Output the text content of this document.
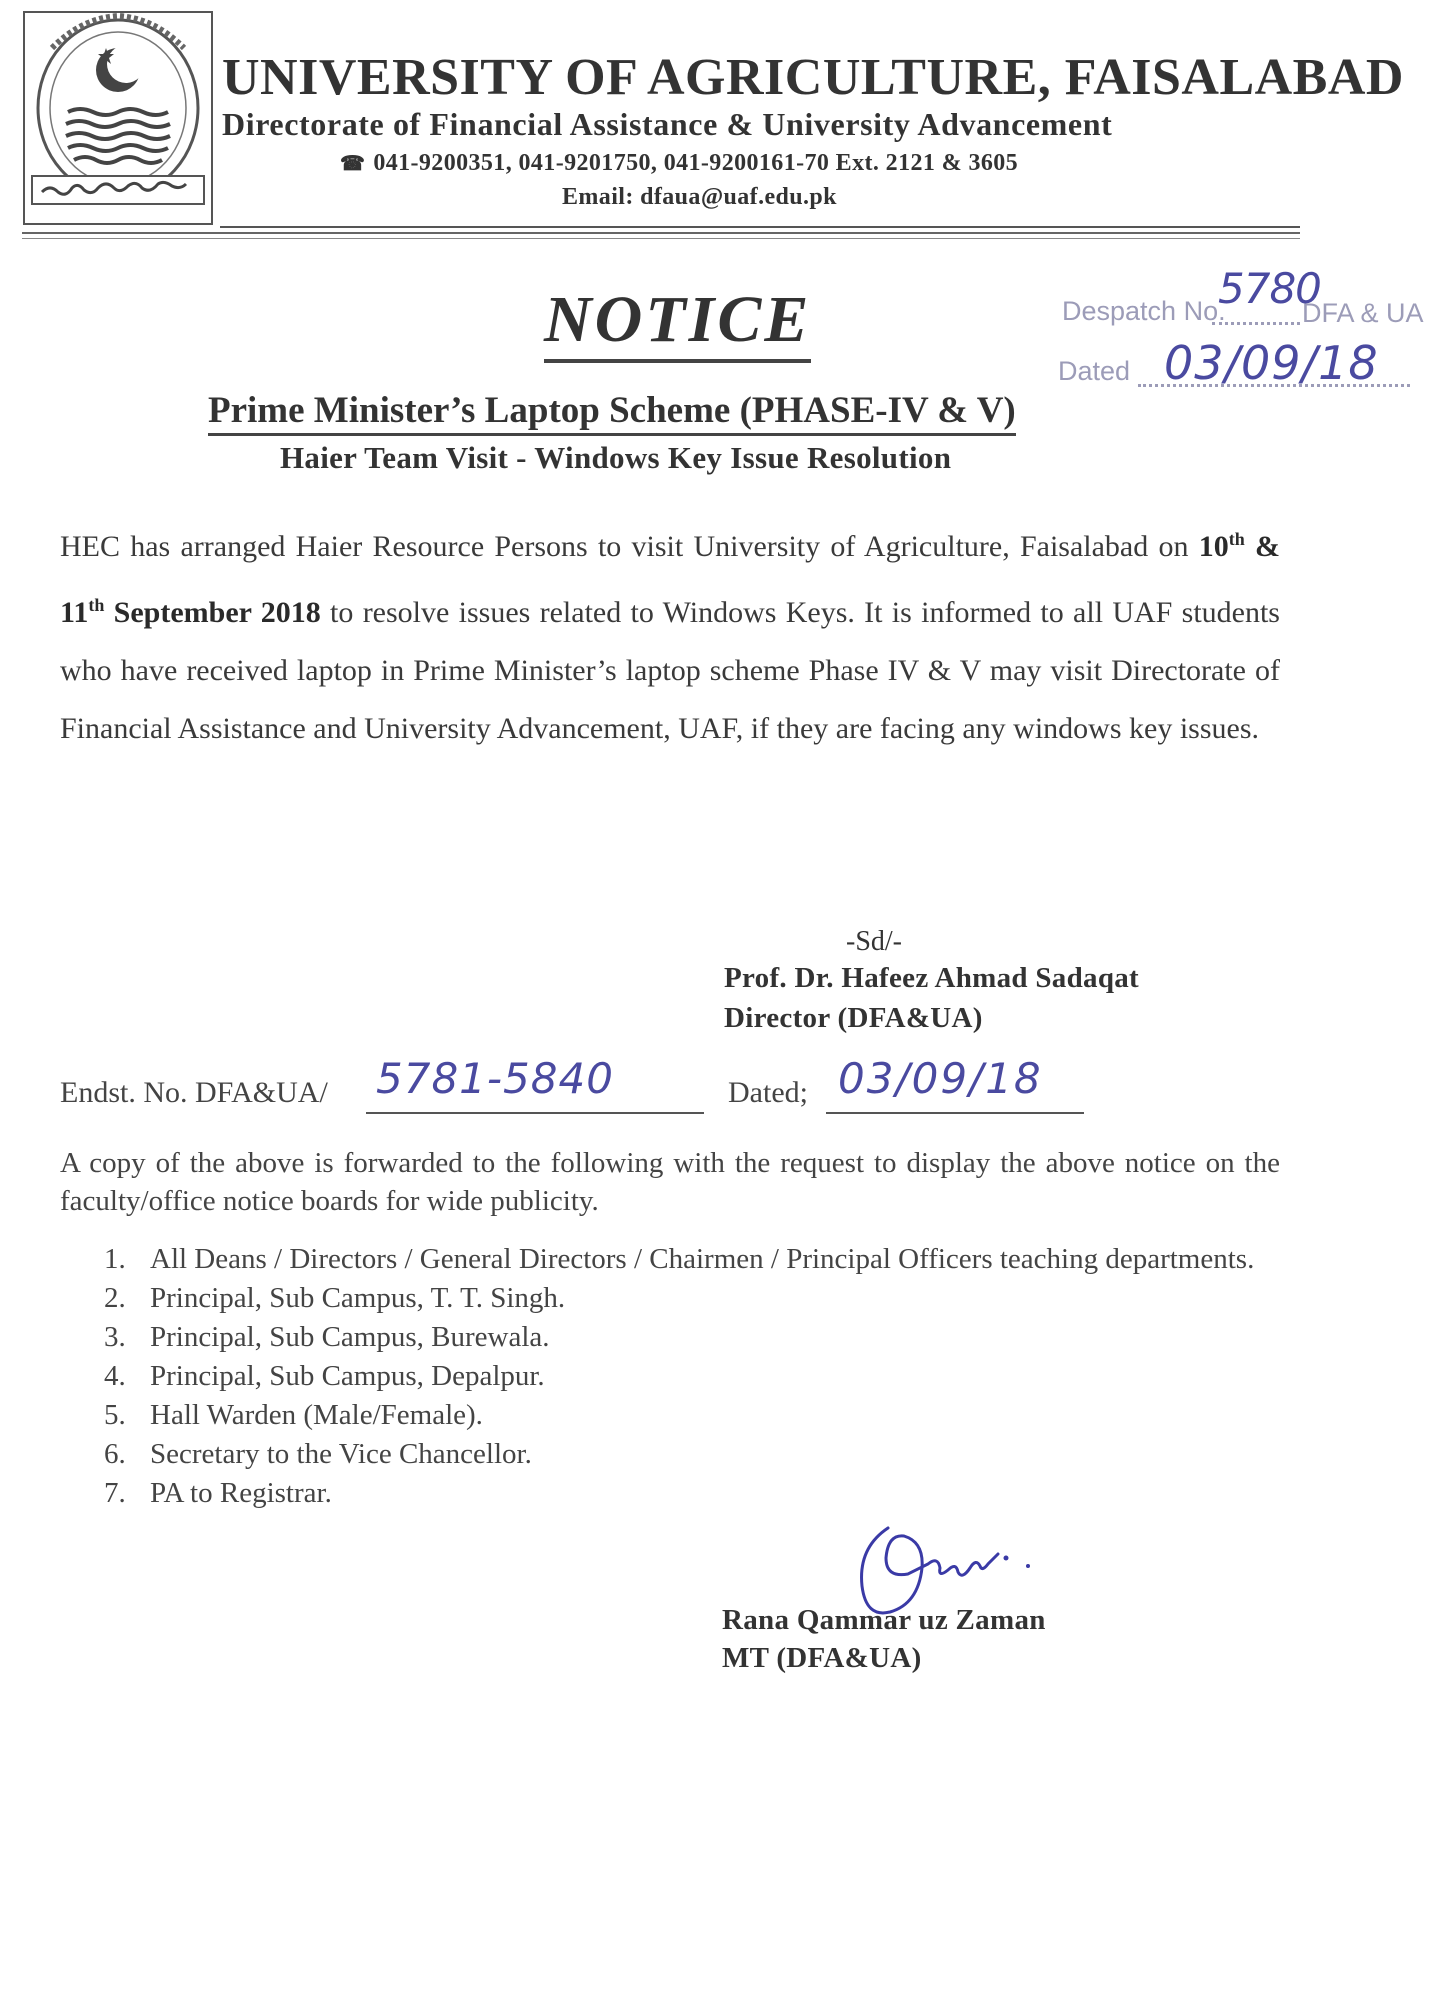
UNIVERSITY OF AGRICULTURE, FAISALABAD
Directorate of Financial Assistance & University Advancement
☎ 041-9200351, 041-9201750, 041-9200161-70 Ext. 2121 & 3605
Email: dfaua@uaf.edu.pk
NOTICE	Despatch No.	DFA & UA
5780
Dated 03/09/18
Prime Minister’s Laptop Scheme (PHASE-IV & V)
Haier Team Visit - Windows Key Issue Resolution

HEC has arranged Haier Resource Persons to visit University of Agriculture, Faisalabad on 10th & 11th September 2018 to resolve issues related to Windows Keys. It is informed to all UAF students who have received laptop in Prime Minister’s laptop scheme Phase IV & V may visit Directorate of Financial Assistance and University Advancement, UAF, if they are facing any windows key issues.

-Sd/-
Prof. Dr. Hafeez Ahmad Sadaqat
Director (DFA&UA)
Endst. No. DFA&UA/ 5781-5840	Dated; 03/09/18

A copy of the above is forwarded to the following with the request to display the above notice on the faculty/office notice boards for wide publicity.

1. All Deans / Directors / General Directors / Chairmen / Principal Officers teaching departments.
2. Principal, Sub Campus, T. T. Singh.
3. Principal, Sub Campus, Burewala.
4. Principal, Sub Campus, Depalpur.
5. Hall Warden (Male/Female).
6. Secretary to the Vice Chancellor.
7. PA to Registrar.
Rana Qammar uz Zaman
MT (DFA&UA)
